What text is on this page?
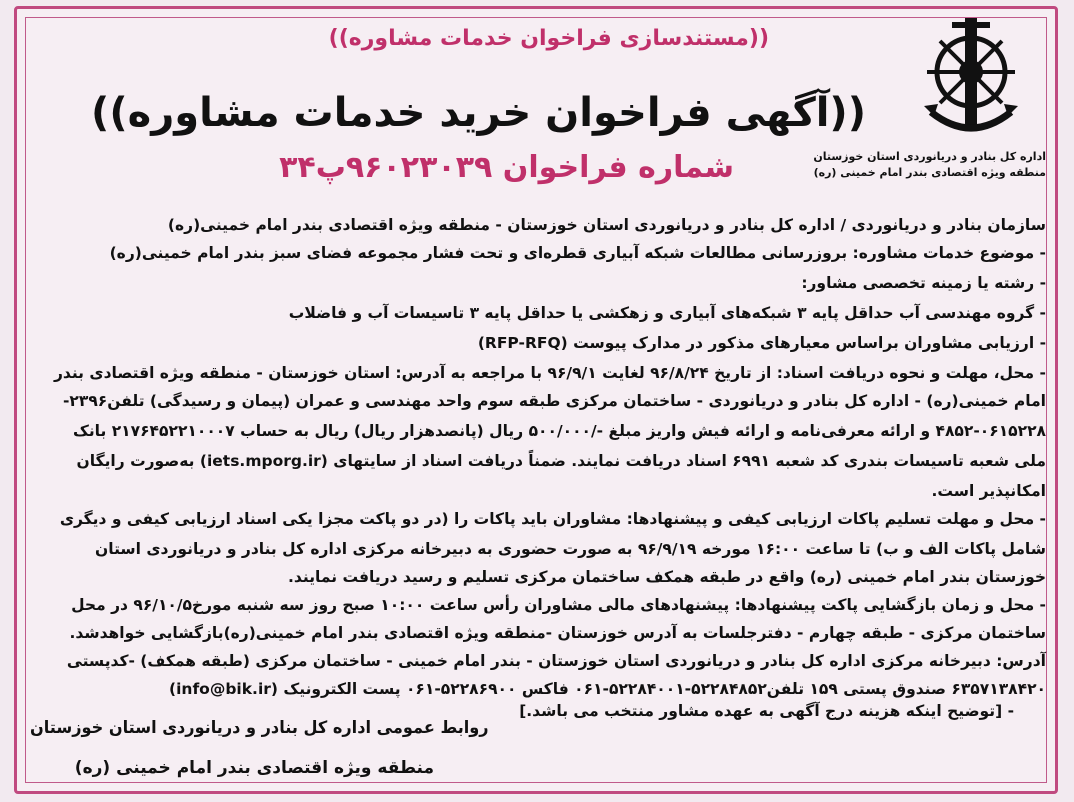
اداره کل بنادر و دریانوردی استان خوزستان
منطقه ویژه اقتصادی بندر امام خمینی (ره)
((مستندسازی فراخوان خدمات مشاوره))
((آگهی فراخوان خرید خدمات مشاوره))
شماره فراخوان ۹۶۰۲۳۰۳۹پ۳۴
سازمان بنادر و دریانوردی / اداره کل بنادر و دریانوردی استان خوزستان - منطقه ویژه اقتصادی بندر امام خمینی(ره)
- موضوع خدمات مشاوره: بروزرسانی مطالعات شبکه آبیاری قطره‌ای و تحت فشار مجموعه فضای سبز بندر امام خمینی(ره)
- رشته یا زمینه تخصصی مشاور:
- گروه مهندسی آب حداقل پایه ۳ شبکه‌های آبیاری و زهکشی یا حداقل پایه ۳ تاسیسات آب و فاضلاب
- ارزیابی مشاوران براساس معیارهای مذکور در مدارک پیوست (RFP-RFQ)
- محل، مهلت و نحوه دریافت اسناد: از تاریخ ۹۶/۸/۲۴ لغایت ۹۶/۹/۱ با مراجعه به آدرس: استان خوزستان - منطقه ویژه اقتصادی بندر
امام خمینی(ره) - اداره کل بنادر و دریانوردی - ساختمان مرکزی طبقه سوم واحد مهندسی و عمران (پیمان و رسیدگی) تلفن۲۳۹۶-
۴۸۵۲-۰۶۱۵۲۲۸ و ارائه معرفی‌نامه و ارائه فیش واریز مبلغ -/۵۰۰/۰۰۰ ریال (پانصدهزار ریال) ریال به حساب ۲۱۷۶۴۵۲۲۱۰۰۰۷ بانک
ملی شعبه تاسیسات بندری کد شعبه ۶۹۹۱ اسناد دریافت نمایند. ضمناً دریافت اسناد از سایتهای (iets.mporg.ir) به‌صورت رایگان
امکانپذیر است.
- محل و مهلت تسلیم پاکات ارزیابی کیفی و پیشنهادها: مشاوران باید پاکات را (در دو پاکت مجزا یکی اسناد ارزیابی کیفی و دیگری
شامل پاکات الف و ب) تا ساعت ۱۶:۰۰ مورخه ۹۶/۹/۱۹ به صورت حضوری به دبیرخانه مرکزی اداره کل بنادر و دریانوردی استان
خوزستان بندر امام خمینی (ره) واقع در طبقه همکف ساختمان مرکزی تسلیم و رسید دریافت نمایند.
- محل و زمان بازگشایی پاکت پیشنهادها: پیشنهادهای مالی مشاوران رأس ساعت ۱۰:۰۰ صبح روز سه شنبه مورخ۹۶/۱۰/۵ در محل
ساختمان مرکزی - طبقه چهارم - دفترجلسات به آدرس خوزستان -منطقه ویژه اقتصادی بندر امام خمینی(ره)بازگشایی خواهدشد.
آدرس: دبیرخانه مرکزی اداره کل بنادر و دریانوردی استان خوزستان - بندر امام خمینی - ساختمان مرکزی (طبقه همکف) -کدپستی
۶۳۵۷۱۳۸۴۲۰ صندوق پستی ۱۵۹ تلفن۵۲۲۸۴۸۵۲-۵۲۲۸۴۰۰۱-۰۶۱ فاکس ۵۲۲۸۶۹۰۰-۰۶۱ پست الکترونیک (info@bik.ir)
- [توضیح اینکه هزینه درج آگهی به عهده مشاور منتخب می باشد.]
روابط عمومی اداره کل بنادر و دریانوردی استان خوزستان
منطقه ویژه اقتصادی بندر امام خمینی (ره)
